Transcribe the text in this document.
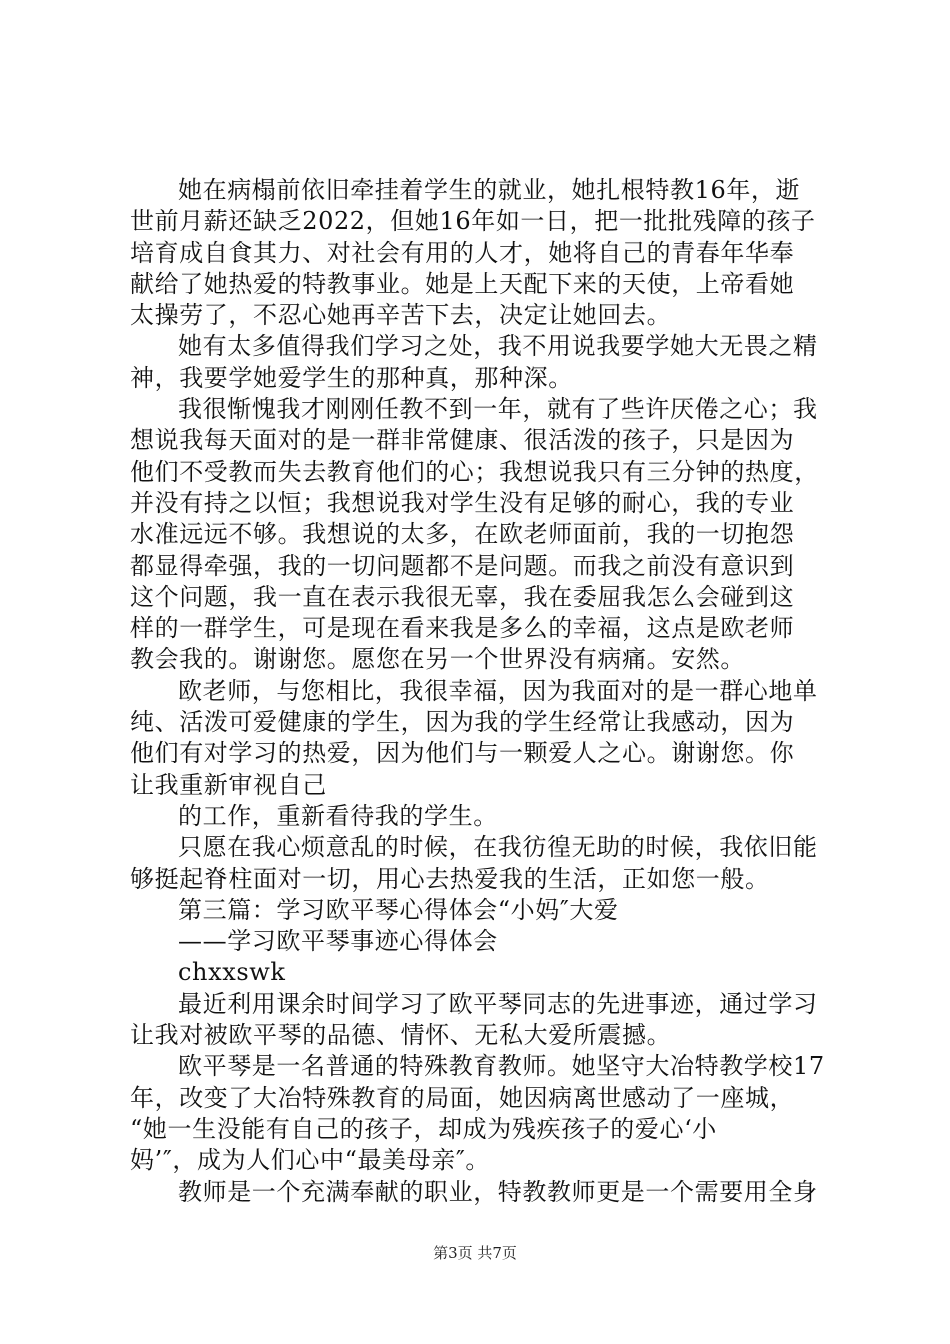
她在病榻前依旧牵挂着学生的就业，她扎根特教16年，逝
世前月薪还缺乏2022，但她16年如一日，把一批批残障的孩子
培育成自食其力、对社会有用的人才，她将自己的青春年华奉
献给了她热爱的特教事业。她是上天配下来的天使，上帝看她
太操劳了，不忍心她再辛苦下去，决定让她回去。
她有太多值得我们学习之处，我不用说我要学她大无畏之精
神，我要学她爱学生的那种真，那种深。
我很惭愧我才刚刚任教不到一年，就有了些许厌倦之心；我
想说我每天面对的是一群非常健康、很活泼的孩子，只是因为
他们不受教而失去教育他们的心；我想说我只有三分钟的热度，
并没有持之以恒；我想说我对学生没有足够的耐心，我的专业
水准远远不够。我想说的太多，在欧老师面前，我的一切抱怨
都显得牵强，我的一切问题都不是问题。而我之前没有意识到
这个问题，我一直在表示我很无辜，我在委屈我怎么会碰到这
样的一群学生，可是现在看来我是多么的幸福，这点是欧老师
教会我的。谢谢您。愿您在另一个世界没有病痛。安然。
欧老师，与您相比，我很幸福，因为我面对的是一群心地单
纯、活泼可爱健康的学生，因为我的学生经常让我感动，因为
他们有对学习的热爱，因为他们与一颗爱人之心。谢谢您。你
让我重新审视自己
的工作，重新看待我的学生。
只愿在我心烦意乱的时候，在我彷徨无助的时候，我依旧能
够挺起脊柱面对一切，用心去热爱我的生活，正如您一般。
第三篇：学习欧平琴心得体会“小妈″大爱
——学习欧平琴事迹心得体会
chxxswk
最近利用课余时间学习了欧平琴同志的先进事迹，通过学习
让我对被欧平琴的品德、情怀、无私大爱所震撼。
欧平琴是一名普通的特殊教育教师。她坚守大冶特教学校17
年，改变了大冶特殊教育的局面，她因病离世感动了一座城，
“她一生没能有自己的孩子，却成为残疾孩子的爱心‘小
妈’″，成为人们心中“最美母亲″。
教师是一个充满奉献的职业，特教教师更是一个需要用全身
第3页 共7页
